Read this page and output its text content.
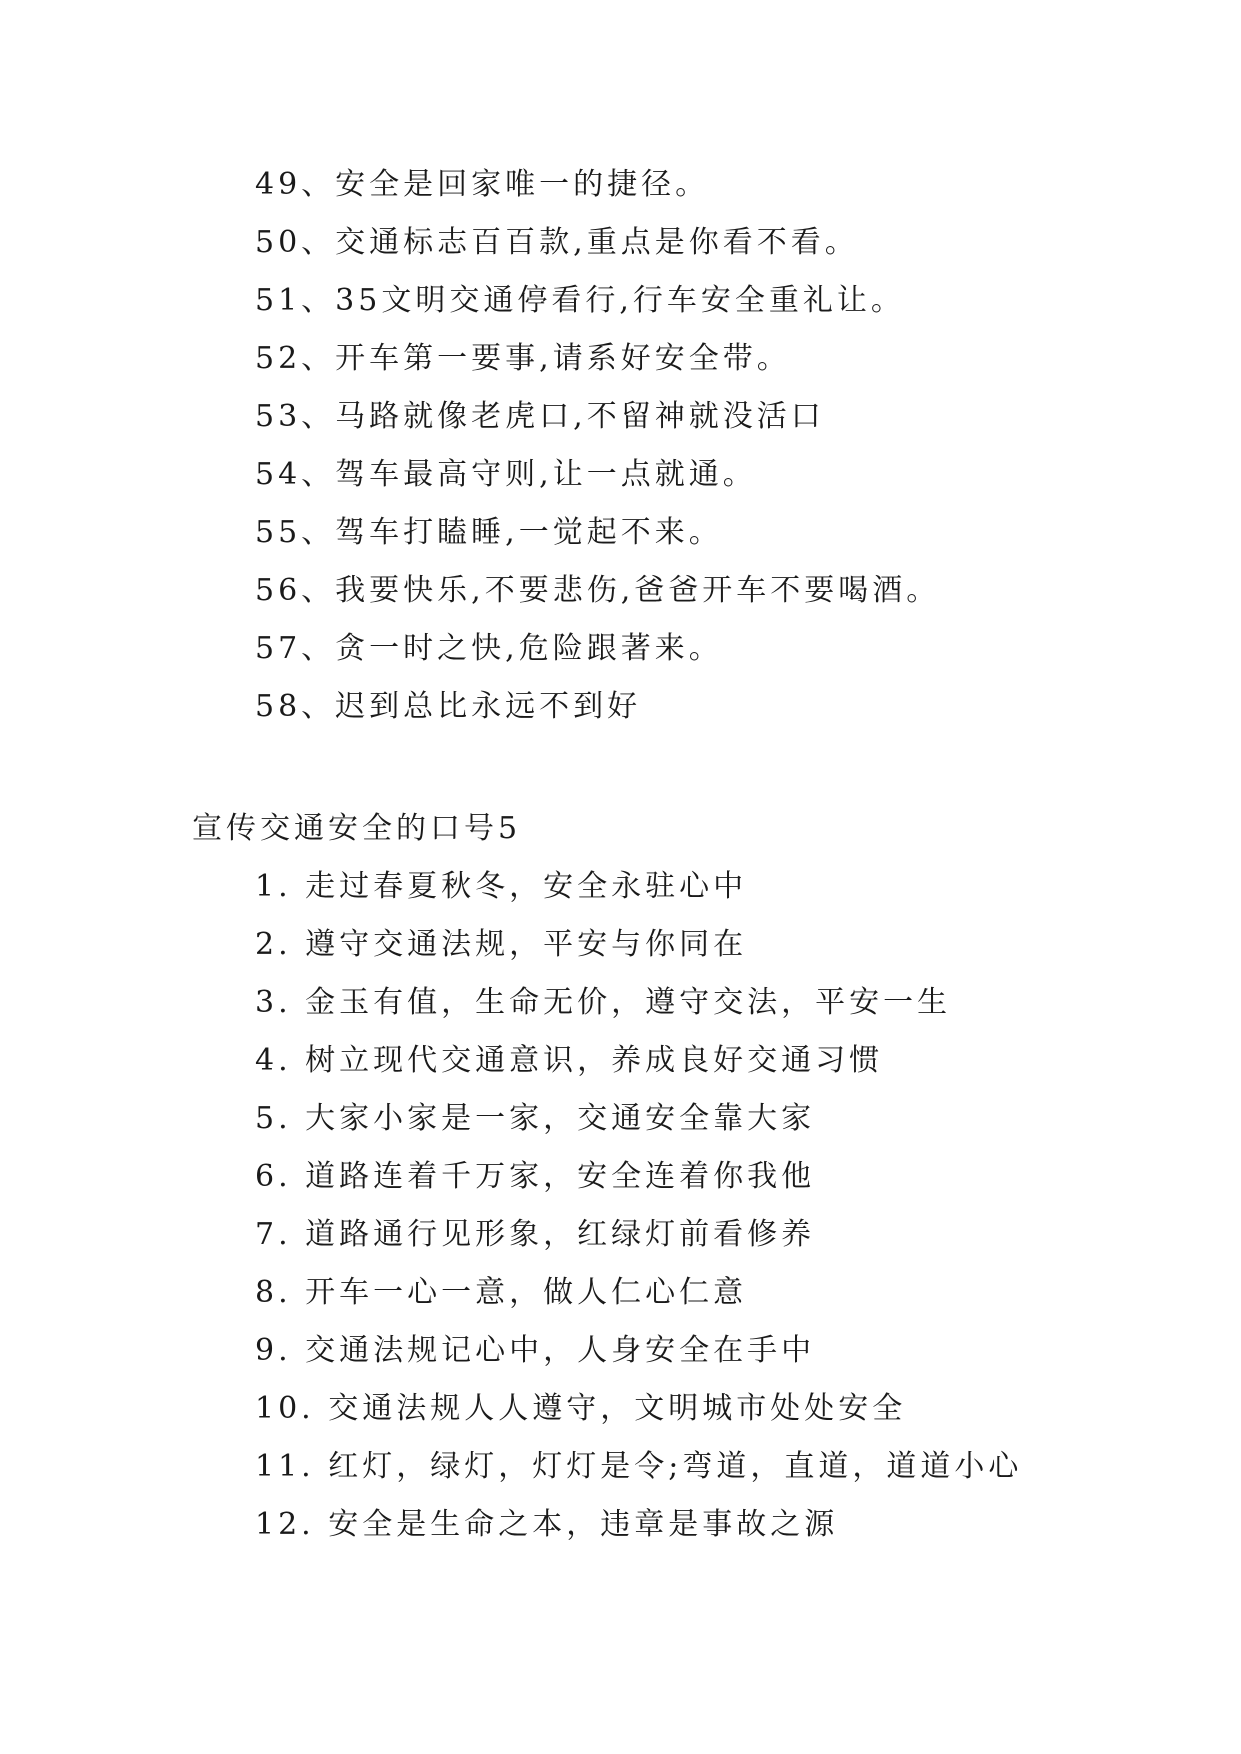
49、安全是回家唯一的捷径。
50、交通标志百百款,重点是你看不看。
51、35文明交通停看行,行车安全重礼让。
52、开车第一要事,请系好安全带。
53、马路就像老虎口,不留神就没活口
54、驾车最高守则,让一点就通。
55、驾车打瞌睡,一觉起不来。
56、我要快乐,不要悲伤,爸爸开车不要喝酒。
57、贪一时之快,危险跟著来。
58、迟到总比永远不到好
宣传交通安全的口号5
1. 走过春夏秋冬，安全永驻心中
2. 遵守交通法规，平安与你同在
3. 金玉有值，生命无价，遵守交法，平安一生
4. 树立现代交通意识，养成良好交通习惯
5. 大家小家是一家，交通安全靠大家
6. 道路连着千万家，安全连着你我他
7. 道路通行见形象，红绿灯前看修养
8. 开车一心一意，做人仁心仁意
9. 交通法规记心中，人身安全在手中
10. 交通法规人人遵守，文明城市处处安全
11. 红灯，绿灯，灯灯是令;弯道，直道，道道小心
12. 安全是生命之本，违章是事故之源
